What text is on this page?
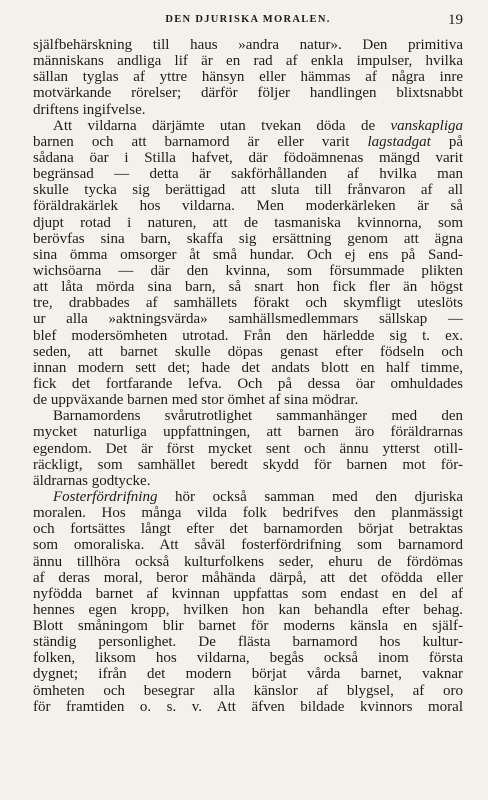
DEN DJURISKA MORALEN.	19
själfbehärskning till haus »andra natur». Den primitiva
människans andliga lif är en rad af enkla impulser, hvilka
sällan tyglas af yttre hänsyn eller hämmas af några inre
motvärkande rörelser; därför följer handlingen blixtsnabbt
driftens ingifvelse.
Att vildarna därjämte utan tvekan döda de vanskapliga
barnen och att barnamord är eller varit lagstadgat på
sådana öar i Stilla hafvet, där födoämnenas mängd varit
begränsad — detta är sakförhållanden af hvilka man
skulle tycka sig berättigad att sluta till frånvaron af all
föräldrakärlek hos vildarna. Men moderkärleken är så
djupt rotad i naturen, att de tasmaniska kvinnorna, som
berövfas sina barn, skaffa sig ersättning genom att ägna
sina ömma omsorger åt små hundar. Och ej ens på Sand-
wichsöarna — där den kvinna, som försummade plikten
att låta mörda sina barn, så snart hon fick fler än högst
tre, drabbades af samhällets förakt och skymfligt uteslöts
ur alla »aktningsvärda» samhällsmedlemmars sällskap —
blef modersömheten utrotad. Från den härledde sig t. ex.
seden, att barnet skulle döpas genast efter födseln och
innan modern sett det; hade det andats blott en half timme,
fick det fortfarande lefva. Och på dessa öar omhuldades
de uppväxande barnen med stor ömhet af sina mödrar.
Barnamordens svårutrotlighet sammanhänger med den
mycket naturliga uppfattningen, att barnen äro föräldrarnas
egendom. Det är först mycket sent och ännu ytterst otill-
räckligt, som samhället beredt skydd för barnen mot för-
äldrarnas godtycke.
Fosterfördrifning hör också samman med den djuriska
moralen. Hos många vilda folk bedrifves den planmässigt
och fortsättes långt efter det barnamorden börjat betraktas
som omoraliska. Att såväl fosterfördrifning som barnamord
ännu tillhöra också kulturfolkens seder, ehuru de fördömas
af deras moral, beror måhända därpå, att det ofödda eller
nyfödda barnet af kvinnan uppfattas som endast en del af
hennes egen kropp, hvilken hon kan behandla efter behag.
Blott småningom blir barnet för moderns känsla en själf-
ständig personlighet. De flästa barnamord hos kultur-
folken, liksom hos vildarna, begås också inom första
dygnet; ifrån det modern börjat vårda barnet, vaknar
ömheten och besegrar alla känslor af blygsel, af oro
för framtiden o. s. v. Att äfven bildade kvinnors moral
